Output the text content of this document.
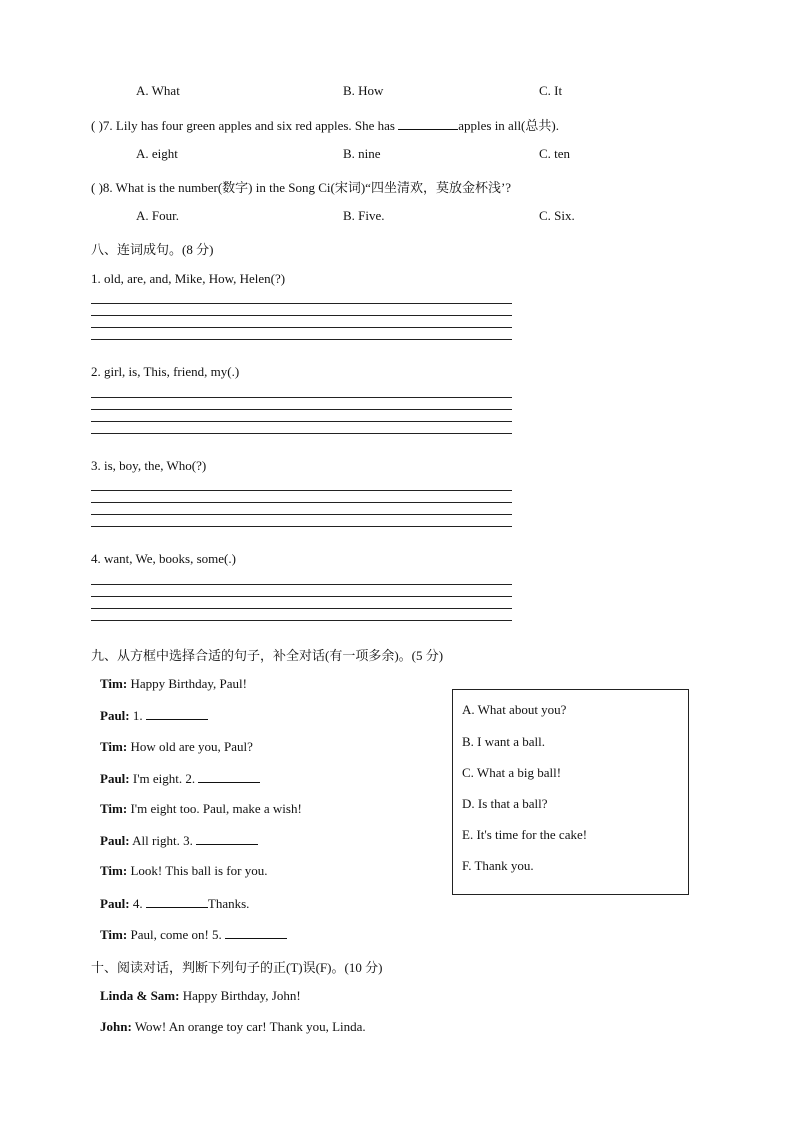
A. What	B. How	C. It
( )7. Lily has four green apples and six red apples. She has	apples in all(总共).
A. eight	B. nine	C. ten
( )8. What is the number(数字) in the Song Ci(宋词)“四坐清欢，莫放金杯浅’?
A. Four.	B. Five.	C. Six.
八、连词成句。(8 分)
1. old, are, and, Mike, How, Helen(?)
2. girl, is, This, friend, my(.)
3. is, boy, the, Who(?)
4. want, We, books, some(.)
九、从方框中选择合适的句子，补全对话(有一项多余)。(5 分)
Tim: Happy Birthday, Paul!
Paul: 1.
Tim: How old are you, Paul?
Paul: I'm eight. 2.
Tim: I'm eight too. Paul, make a wish!
Paul: All right. 3.
Tim: Look! This ball is for you.
Paul: 4.	Thanks.
Tim: Paul, come on! 5.
A. What about you?
B. I want a ball.
C. What a big ball!
D. Is that a ball?
E. It's time for the cake!
F. Thank you.
十、阅读对话，判断下列句子的正(T)误(F)。(10 分)
Linda & Sam: Happy Birthday, John!
John: Wow! An orange toy car! Thank you, Linda.
